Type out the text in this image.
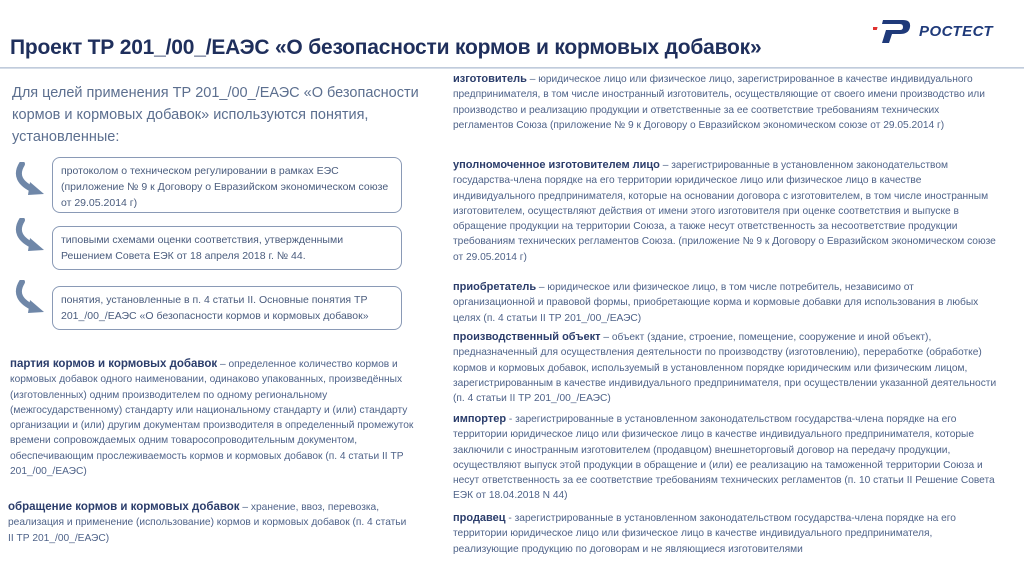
Проект ТР 201_/00_/ЕАЭС «О безопасности кормов и кормовых добавок»
РОСТЕСТ
Для целей применения ТР 201_/00_/ЕАЭС «О безопасности кормов и кормовых добавок» используются понятия, установленные:
протоколом о техническом регулировании в рамках ЕЭС (приложение № 9 к Договору о Евразийском экономическом союзе от 29.05.2014 г)
типовыми схемами оценки соответствия, утвержденными Решением Совета ЕЭК от 18 апреля 2018 г. № 44.
понятия, установленные в п. 4 статьи II. Основные понятия ТР 201_/00_/ЕАЭС «О безопасности кормов и кормовых добавок»
партия кормов и кормовых добавок – определенное количество кормов и кормовых добавок одного наименовании, одинаково упакованных, произведённых (изготовленных) одним производителем по одному региональному (межгосударственному) стандарту или национальному стандарту и (или) стандарту организации и (или) другим документам производителя в определенный промежуток времени сопровождаемых одним товаросопроводительным документом, обеспечивающим прослеживаемость кормов и кормовых добавок (п. 4 статьи II ТР 201_/00_/ЕАЭС)
обращение кормов и кормовых добавок – хранение, ввоз, перевозка, реализация и применение (использование) кормов и кормовых добавок (п. 4 статьи II ТР 201_/00_/ЕАЭС)
изготовитель – юридическое лицо или физическое лицо, зарегистрированное в качестве индивидуального предпринимателя, в том числе иностранный изготовитель, осуществляющие от своего имени производство или производство и реализацию продукции и ответственные за ее соответствие требованиям технических регламентов Союза (приложение № 9 к Договору о Евразийском экономическом союзе от 29.05.2014 г)
уполномоченное изготовителем лицо – зарегистрированные в установленном законодательством государства-члена порядке на его территории юридическое лицо или физическое лицо в качестве индивидуального предпринимателя, которые на основании договора с изготовителем, в том числе иностранным изготовителем, осуществляют действия от имени этого изготовителя при оценке соответствия и выпуске в обращение продукции на территории Союза, а также несут ответственность за несоответствие продукции требованиям технических регламентов Союза. (приложение № 9 к Договору о Евразийском экономическом союзе от 29.05.2014 г)
приобретатель – юридическое или физическое лицо, в том числе потребитель, независимо от организационной и правовой формы, приобретающие корма и кормовые добавки для использования в любых целях (п. 4 статьи II ТР 201_/00_/ЕАЭС)
производственный объект – объект (здание, строение, помещение, сооружение и иной объект), предназначенный для осуществления деятельности по производству (изготовлению), переработке (обработке) кормов и кормовых добавок, используемый в установленном порядке юридическим или физическим лицом, зарегистрированным в качестве индивидуального предпринимателя, при осуществлении указанной деятельности (п. 4 статьи II ТР 201_/00_/ЕАЭС)
импортер - зарегистрированные в установленном законодательством государства-члена порядке на его территории юридическое лицо или физическое лицо в качестве индивидуального предпринимателя, которые заключили с иностранным изготовителем (продавцом) внешнеторговый договор на передачу продукции, осуществляют выпуск этой продукции в обращение и (или) ее реализацию на таможенной территории Союза и несут ответственность за ее соответствие требованиям технических регламентов (п. 10 статьи II Решение Совета ЕЭК от 18.04.2018 N 44)
продавец - зарегистрированные в установленном законодательством государства-члена порядке на его территории юридическое лицо или физическое лицо в качестве индивидуального предпринимателя, реализующие продукцию по договорам и не являющиеся изготовителями
